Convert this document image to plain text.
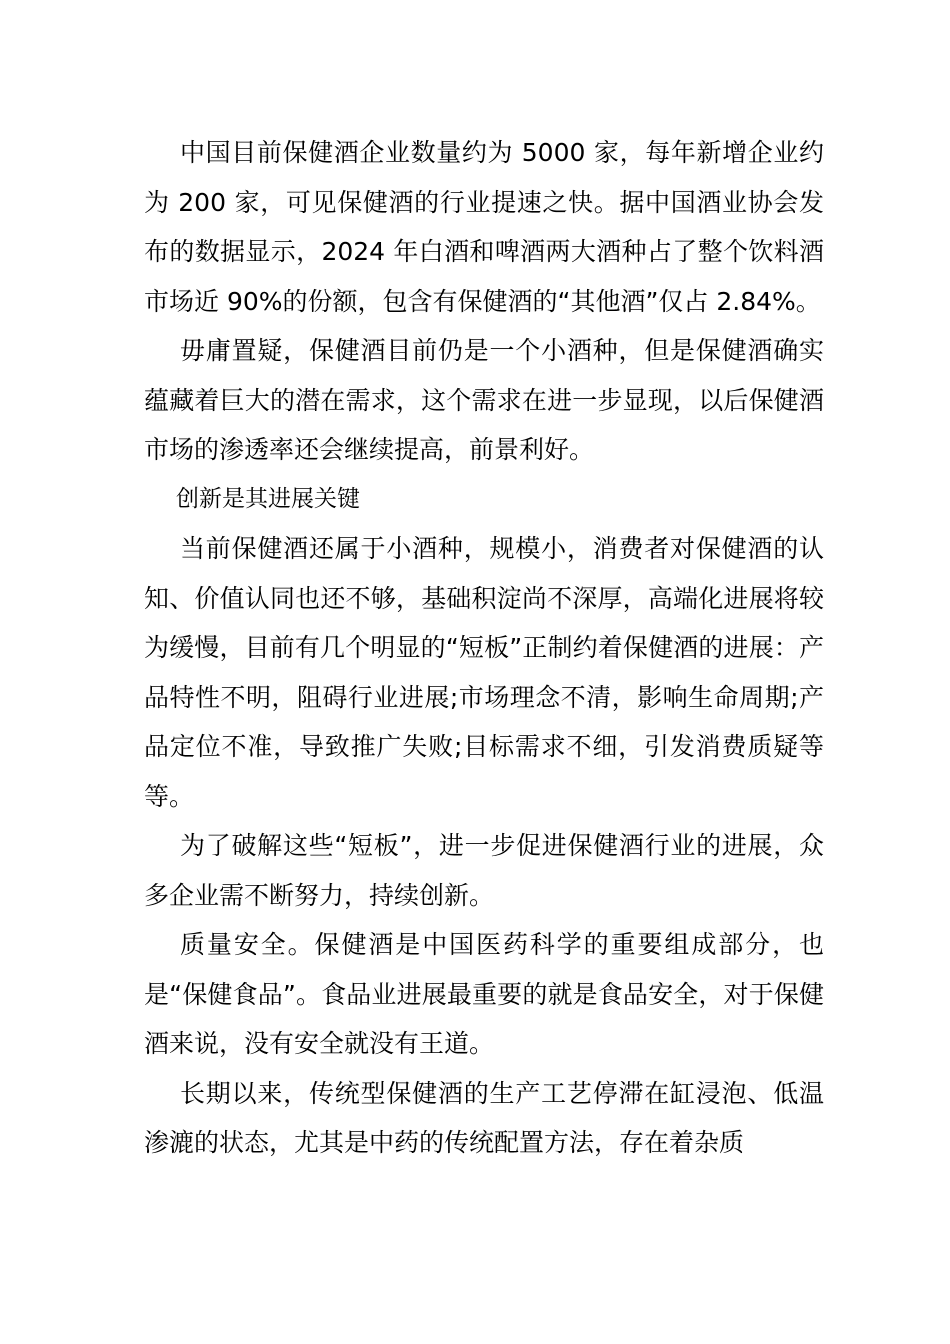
中国目前保健酒企业数量约为 5000 家，每年新增企业约为 200 家，可见保健酒的行业提速之快。据中国酒业协会发布的数据显示，2024 年白酒和啤酒两大酒种占了整个饮料酒市场近 90%的份额，包含有保健酒的“其他酒”仅占 2.84%。

毋庸置疑，保健酒目前仍是一个小酒种，但是保健酒确实蕴藏着巨大的潜在需求，这个需求在进一步显现，以后保健酒市场的渗透率还会继续提高，前景利好。

创新是其进展关键

当前保健酒还属于小酒种，规模小，消费者对保健酒的认知、价值认同也还不够，基础积淀尚不深厚，高端化进展将较为缓慢，目前有几个明显的“短板”正制约着保健酒的进展：产品特性不明，阻碍行业进展;市场理念不清，影响生命周期;产品定位不准，导致推广失败;目标需求不细，引发消费质疑等等。

为了破解这些“短板”，进一步促进保健酒行业的进展，众多企业需不断努力，持续创新。

质量安全。保健酒是中国医药科学的重要组成部分，也是“保健食品”。食品业进展最重要的就是食品安全，对于保健酒来说，没有安全就没有王道。

长期以来，传统型保健酒的生产工艺停滞在缸浸泡、低温渗漉的状态，尤其是中药的传统配置方法，存在着杂质
